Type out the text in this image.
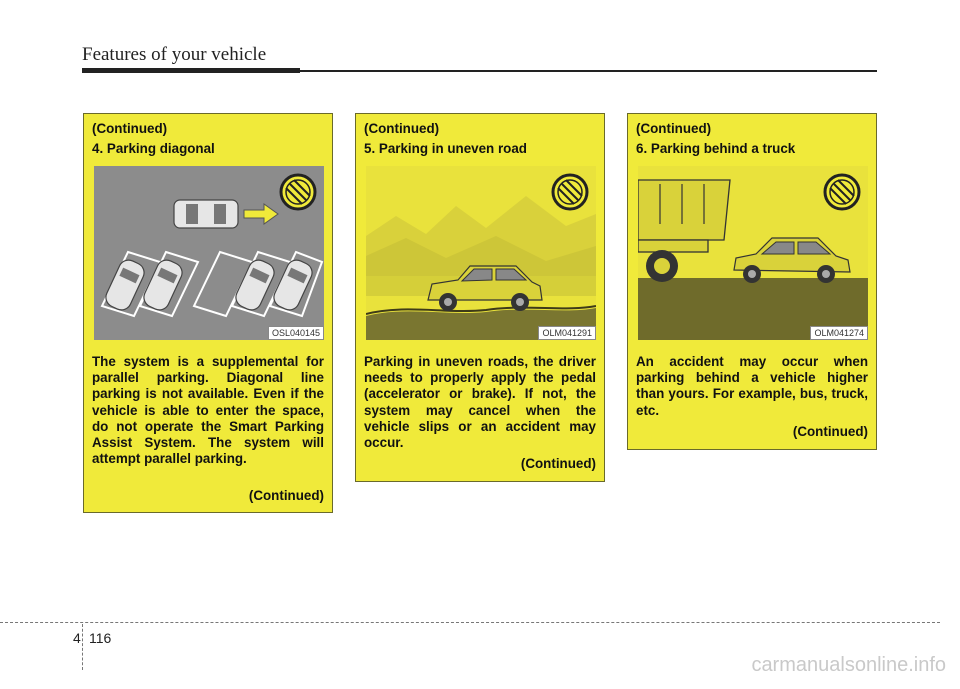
Features of your vehicle
(Continued)
4. Parking diagonal
OSL040145
The system is a supplemental for parallel parking. Diagonal line parking is not available. Even if the vehicle is able to enter the space, do not operate the Smart Parking Assist System. The system will attempt parallel parking.
(Continued)
(Continued)
5. Parking in uneven road
OLM041291
Parking in uneven roads, the driver needs to properly apply the pedal (accelerator or brake). If not, the system may cancel when the vehicle slips or an accident may occur.
(Continued)
(Continued)
6. Parking behind a truck
OLM041274
An accident may occur when parking behind a vehicle higher than yours. For example, bus, truck, etc.
(Continued)
4 116
carmanualsonline.info
